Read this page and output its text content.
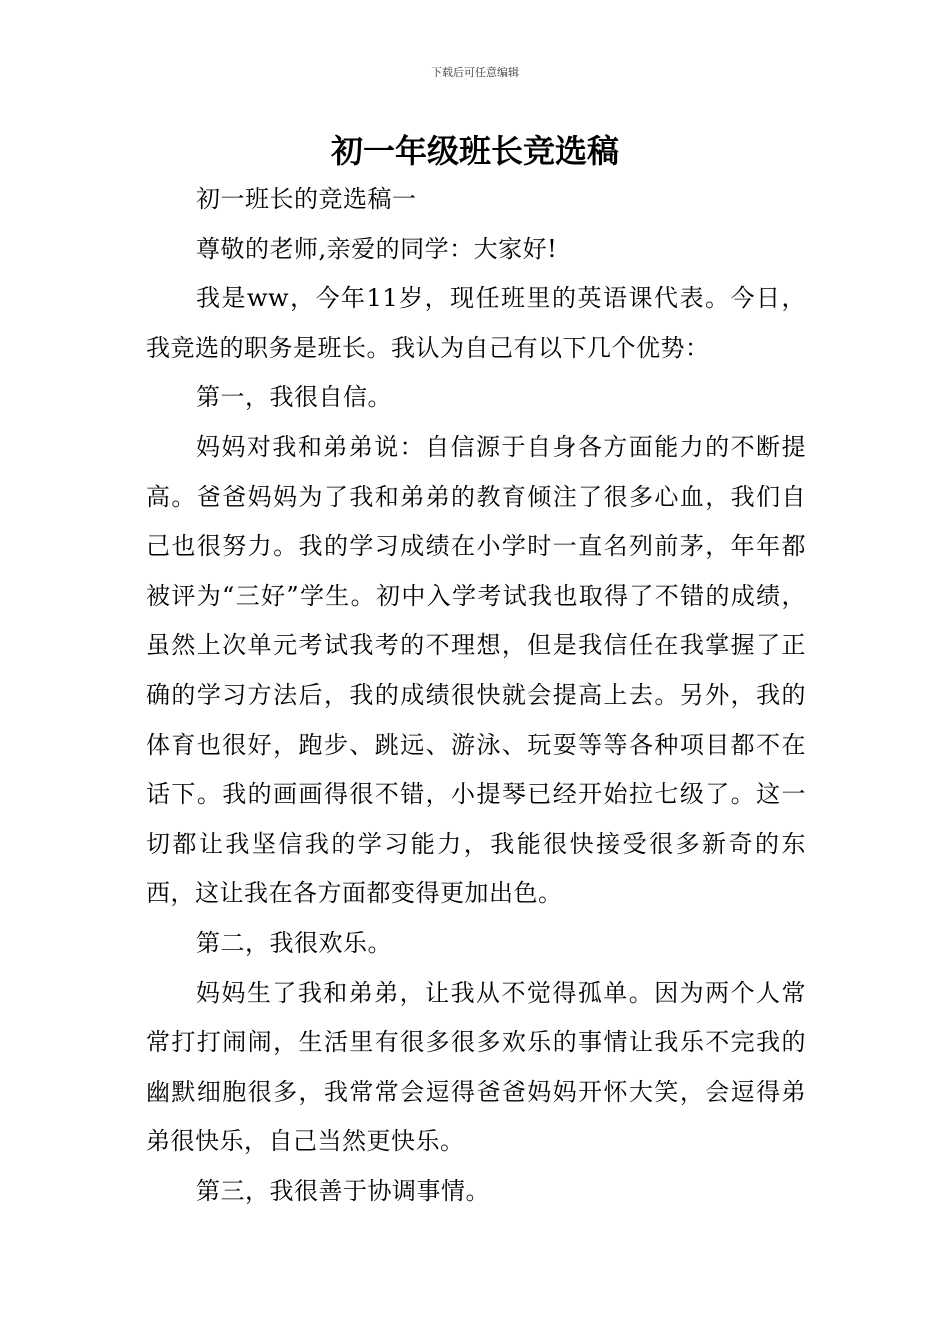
下载后可任意编辑
初一年级班长竞选稿

初一班长的竞选稿一

尊敬的老师,亲爱的同学：大家好!

我是ww，今年11岁，现任班里的英语课代表。今日，我竞选的职务是班长。我认为自己有以下几个优势：

第一，我很自信。

妈妈对我和弟弟说：自信源于自身各方面能力的不断提高。爸爸妈妈为了我和弟弟的教育倾注了很多心血，我们自己也很努力。我的学习成绩在小学时一直名列前茅，年年都被评为“三好”学生。初中入学考试我也取得了不错的成绩，虽然上次单元考试我考的不理想，但是我信任在我掌握了正确的学习方法后，我的成绩很快就会提高上去。另外，我的体育也很好，跑步、跳远、游泳、玩耍等等各种项目都不在话下。我的画画得很不错，小提琴已经开始拉七级了。这一切都让我坚信我的学习能力，我能很快接受很多新奇的东西，这让我在各方面都变得更加出色。

第二，我很欢乐。

妈妈生了我和弟弟，让我从不觉得孤单。因为两个人常常打打闹闹，生活里有很多很多欢乐的事情让我乐不完我的幽默细胞很多，我常常会逗得爸爸妈妈开怀大笑，会逗得弟弟很快乐，自己当然更快乐。

第三，我很善于协调事情。
